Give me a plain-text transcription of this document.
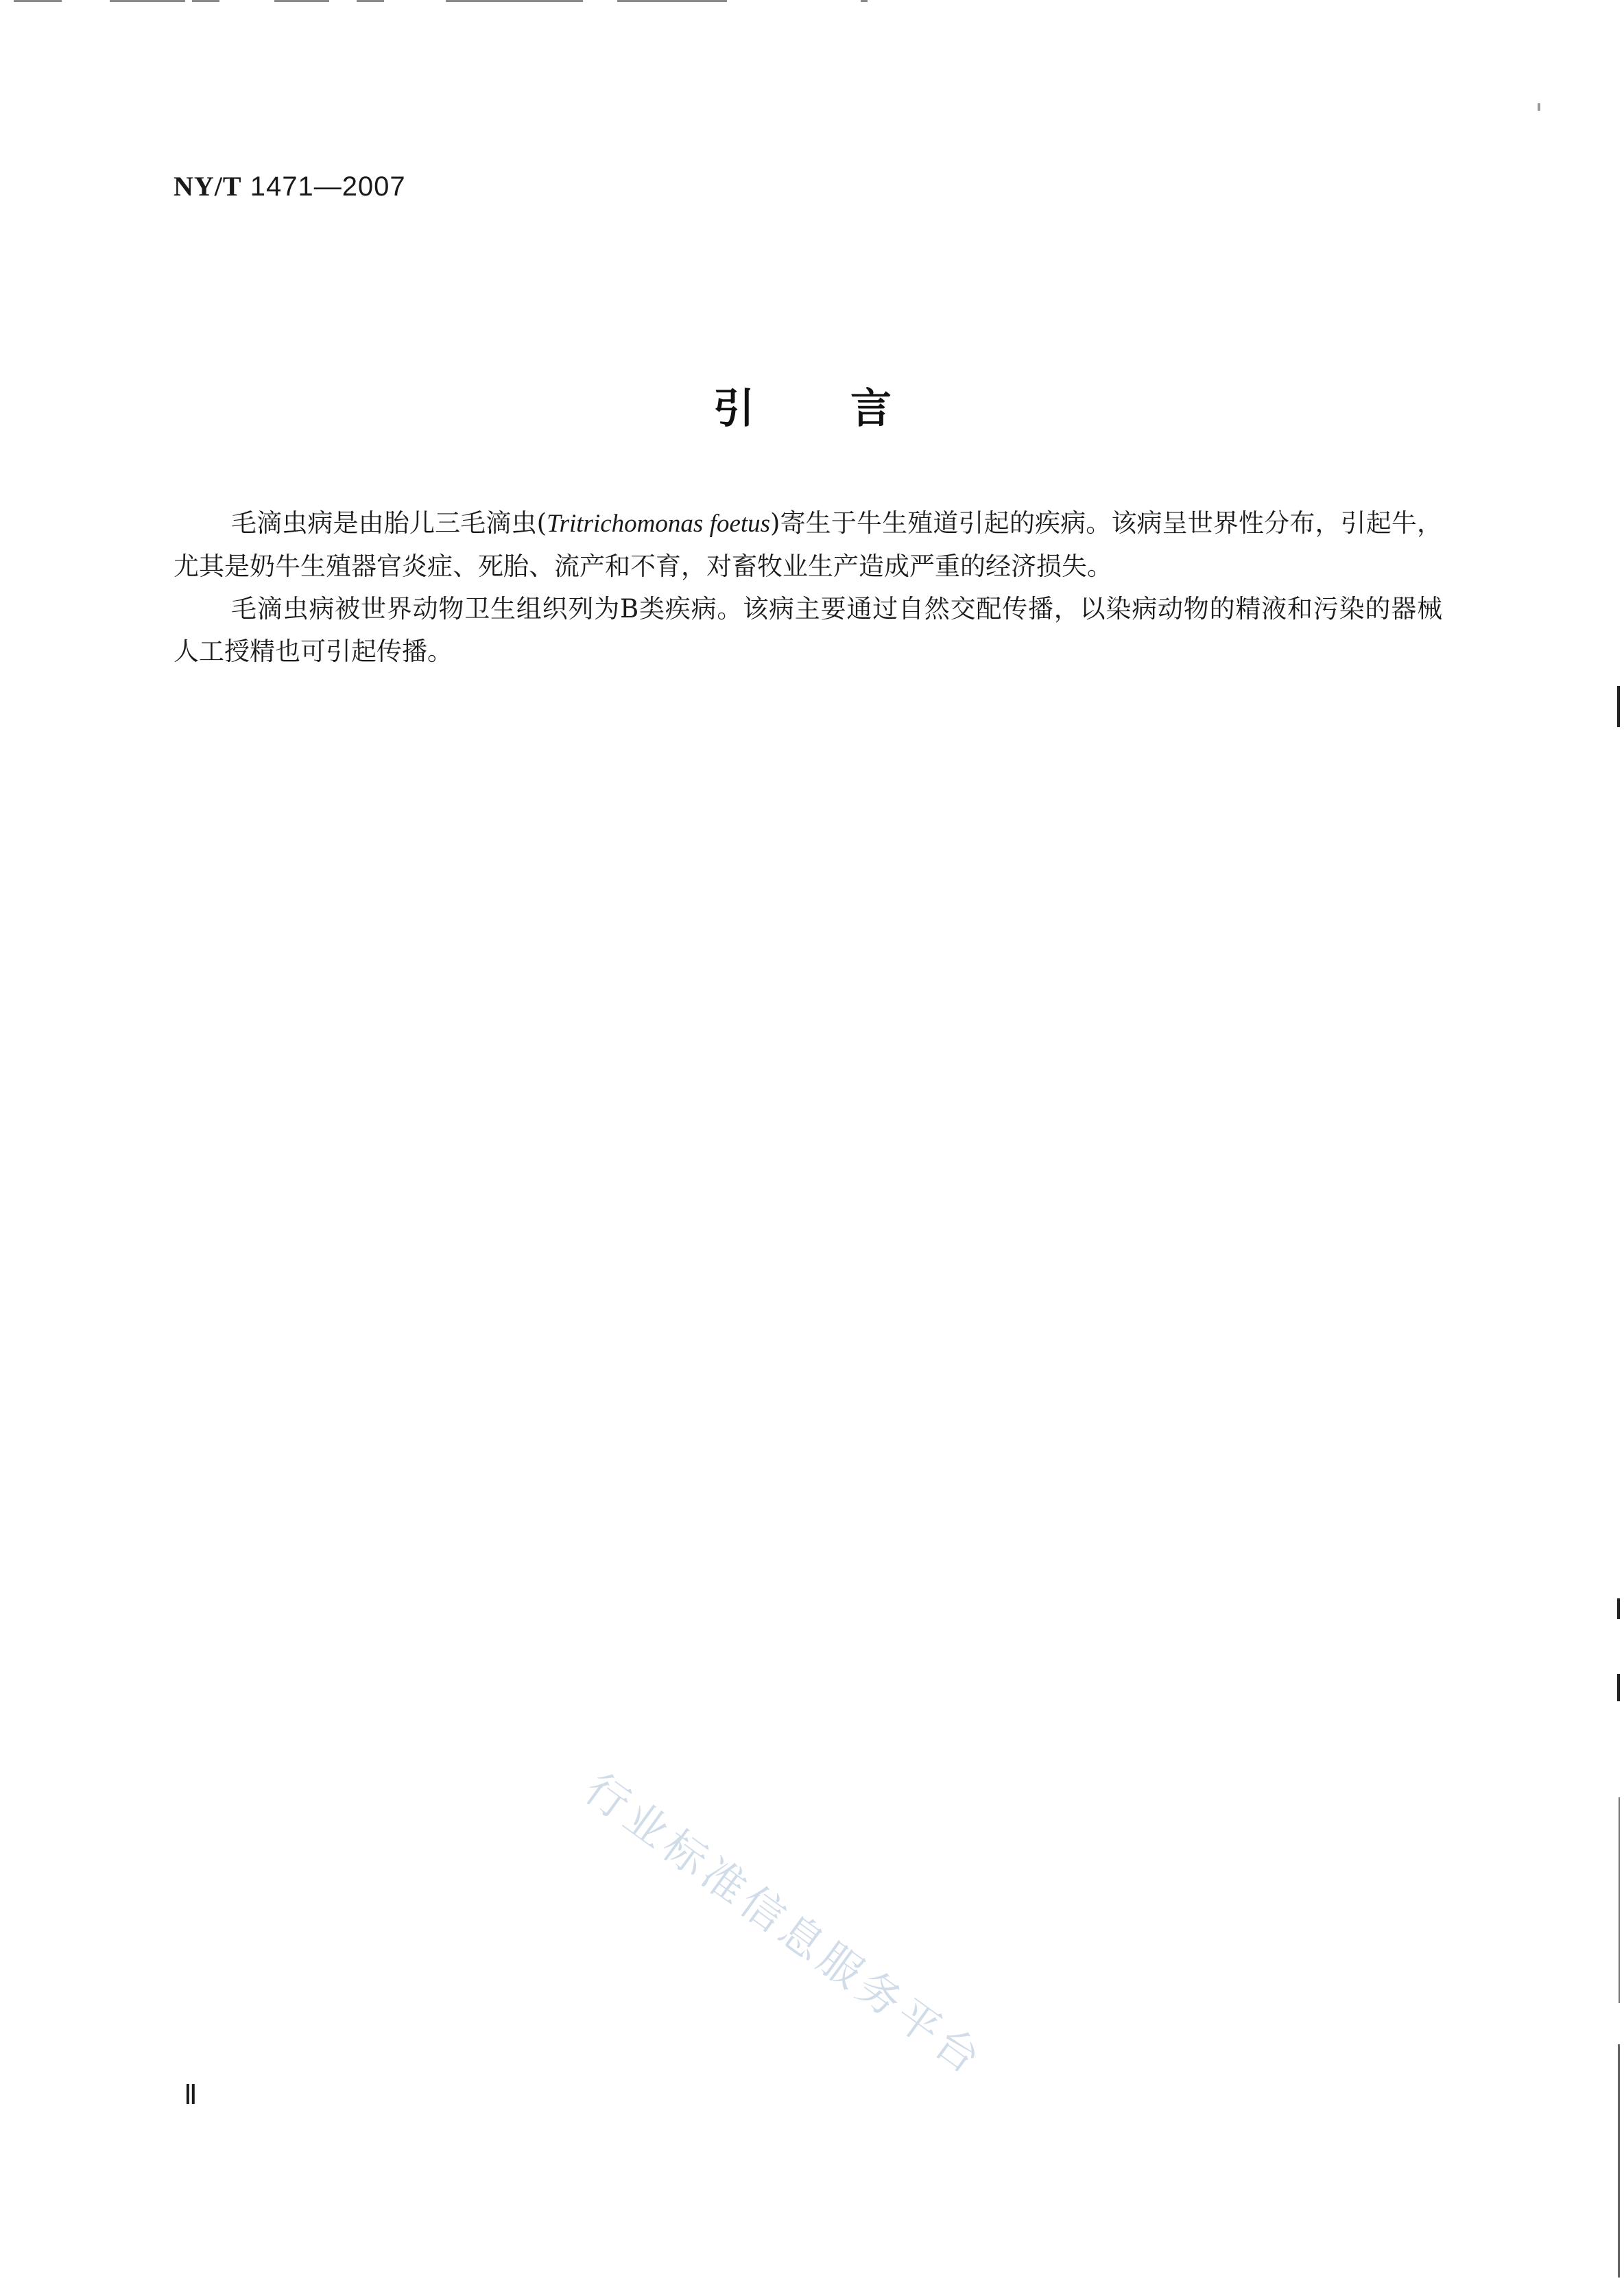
NY/T 1471—2007
引言

毛滴虫病是由胎儿三毛滴虫(Tritrichomonas foetus)寄生于牛生殖道引起的疾病。该病呈世界性分布，引起牛，尤其是奶牛生殖器官炎症、死胎、流产和不育，对畜牧业生产造成严重的经济损失。

毛滴虫病被世界动物卫生组织列为B类疾病。该病主要通过自然交配传播，以染病动物的精液和污染的器械人工授精也可引起传播。

行业标准信息服务平台
Ⅱ
